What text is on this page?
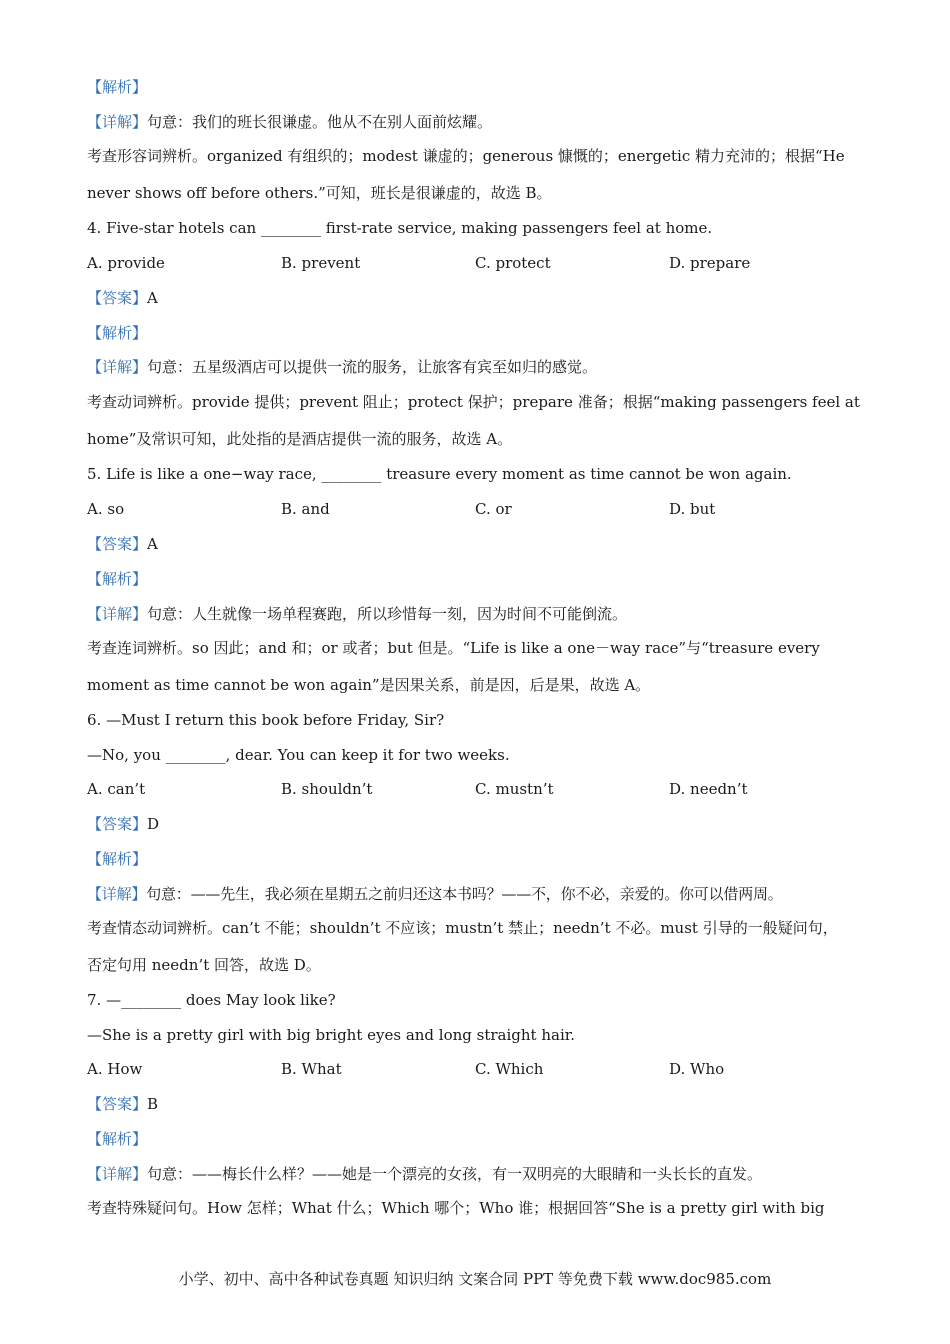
【解析】
【详解】句意：我们的班长很谦虚。他从不在别人面前炫耀。
考查形容词辨析。organized 有组织的；modest 谦虚的；generous 慷慨的；energetic 精力充沛的；根据“He
never shows off before others.”可知，班长是很谦虚的，故选 B。
4. Five-star hotels can ________ first-rate service, making passengers feel at home.
A. provide	B. prevent	C. protect	D. prepare
【答案】A
【解析】
【详解】句意：五星级酒店可以提供一流的服务，让旅客有宾至如归的感觉。
考查动词辨析。provide 提供；prevent 阻止；protect 保护；prepare 准备；根据“making passengers feel at
home”及常识可知，此处指的是酒店提供一流的服务，故选 A。
5. Life is like a one−way race, ________ treasure every moment as time cannot be won again.
A. so	B. and	C. or	D. but
【答案】A
【解析】
【详解】句意：人生就像一场单程赛跑，所以珍惜每一刻，因为时间不可能倒流。
考查连词辨析。so 因此；and 和；or 或者；but 但是。“Life is like a one－way race”与“treasure every
moment as time cannot be won again”是因果关系，前是因，后是果，故选 A。
6. —Must I return this book before Friday, Sir?
—No, you ________, dear. You can keep it for two weeks.
A. can’t	B. shouldn’t	C. mustn’t	D. needn’t
【答案】D
【解析】
【详解】句意：——先生，我必须在星期五之前归还这本书吗？——不，你不必，亲爱的。你可以借两周。
考查情态动词辨析。can’t 不能；shouldn’t 不应该；mustn’t 禁止；needn’t 不必。must 引导的一般疑问句，
否定句用 needn’t 回答，故选 D。
7. —________ does May look like?
—She is a pretty girl with big bright eyes and long straight hair.
A. How	B. What	C. Which	D. Who
【答案】B
【解析】
【详解】句意：——梅长什么样？——她是一个漂亮的女孩，有一双明亮的大眼睛和一头长长的直发。
考查特殊疑问句。How 怎样；What 什么；Which 哪个；Who 谁；根据回答“She is a pretty girl with big
小学、初中、高中各种试卷真题 知识归纳 文案合同 PPT 等免费下载 www.doc985.com
